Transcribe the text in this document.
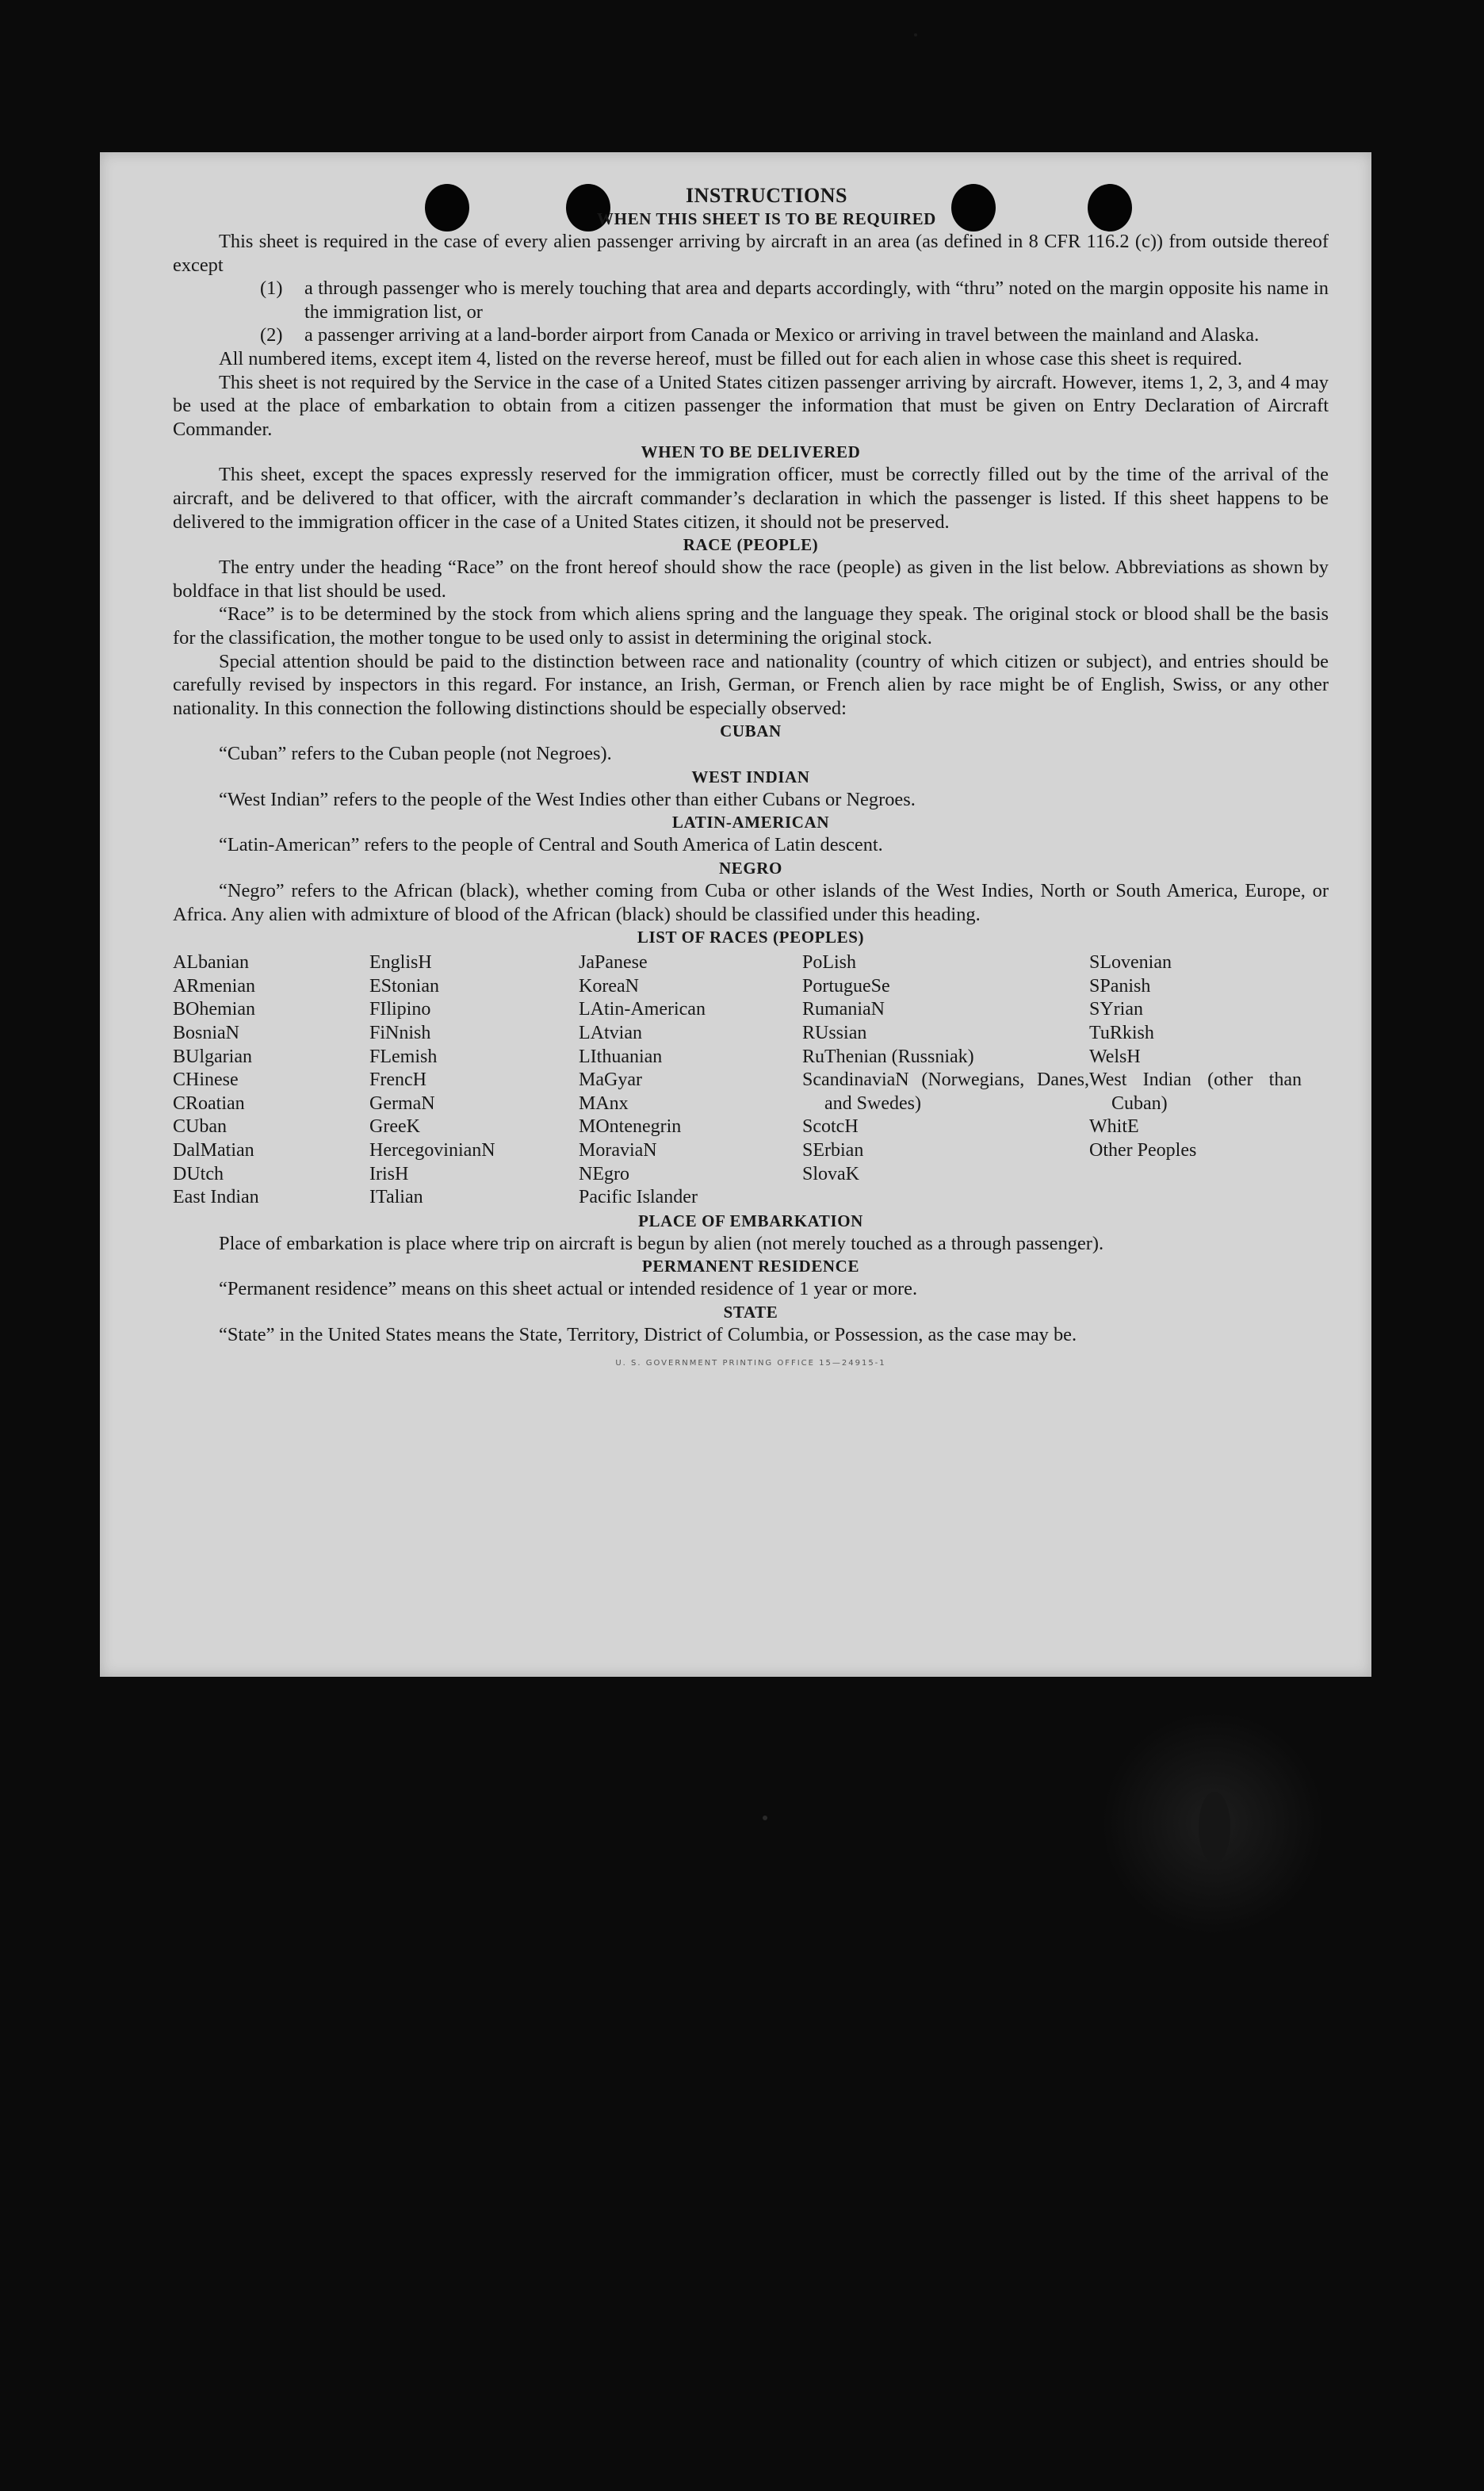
INSTRUCTIONS
WHEN THIS SHEET IS TO BE REQUIRED

This sheet is required in the case of every alien passenger arriving by aircraft in an area (as defined in 8 CFR 116.2 (c)) from outside thereof except

(1) a through passenger who is merely touching that area and departs accordingly, with “thru” noted on the margin opposite his name in the immigration list, or
(2) a passenger arriving at a land-border airport from Canada or Mexico or arriving in travel between the mainland and Alaska.

All numbered items, except item 4, listed on the reverse hereof, must be filled out for each alien in whose case this sheet is required.

This sheet is not required by the Service in the case of a United States citizen passenger arriving by aircraft. However, items 1, 2, 3, and 4 may be used at the place of embarkation to obtain from a citizen passenger the information that must be given on Entry Declaration of Aircraft Commander.

WHEN TO BE DELIVERED

This sheet, except the spaces expressly reserved for the immigration officer, must be correctly filled out by the time of the arrival of the aircraft, and be delivered to that officer, with the aircraft commander’s declaration in which the passenger is listed. If this sheet happens to be delivered to the immigration officer in the case of a United States citizen, it should not be preserved.

RACE (PEOPLE)

The entry under the heading “Race” on the front hereof should show the race (people) as given in the list below. Abbreviations as shown by boldface in that list should be used.

“Race” is to be determined by the stock from which aliens spring and the language they speak. The original stock or blood shall be the basis for the classification, the mother tongue to be used only to assist in determining the original stock.

Special attention should be paid to the distinction between race and nationality (country of which citizen or subject), and entries should be carefully revised by inspectors in this regard. For instance, an Irish, German, or French alien by race might be of English, Swiss, or any other nationality. In this connection the following distinctions should be especially observed:

CUBAN

“Cuban” refers to the Cuban people (not Negroes).

WEST INDIAN

“West Indian” refers to the people of the West Indies other than either Cubans or Negroes.

LATIN-AMERICAN

“Latin-American” refers to the people of Central and South America of Latin descent.

NEGRO

“Negro” refers to the African (black), whether coming from Cuba or other islands of the West Indies, North or South America, Europe, or Africa. Any alien with admixture of blood of the African (black) should be classified under this heading.

LIST OF RACES (PEOPLES)
ALbanian
ARmenian
BOhemian
BosniaN
BUlgarian
CHinese
CRoatian
CUban
DalMatian
DUtch
East Indian
EnglisH
EStonian
FIlipino
FiNnish
FLemish
FrencH
GermaN
GreeK
HercegovinianN
IrisH
ITalian
JaPanese
KoreaN
LAtin-American
LAtvian
LIthuanian
MaGyar
MAnx
MOntenegrin
MoraviaN
NEgro
Pacific Islander
PoLish
PortugueSe
RumaniaN
RUssian
RuThenian (Russniak)
ScandinaviaN (Norwegians, Danes, and Swedes)
ScotcH
SErbian
SlovaK
SLovenian
SPanish
SYrian
TuRkish
WelsH
West Indian (other than Cuban)
WhitE
Other Peoples
PLACE OF EMBARKATION

Place of embarkation is place where trip on aircraft is begun by alien (not merely touched as a through passenger).

PERMANENT RESIDENCE

“Permanent residence” means on this sheet actual or intended residence of 1 year or more.

STATE

“State” in the United States means the State, Territory, District of Columbia, or Possession, as the case may be.

U. S. GOVERNMENT PRINTING OFFICE 15—24915-1
